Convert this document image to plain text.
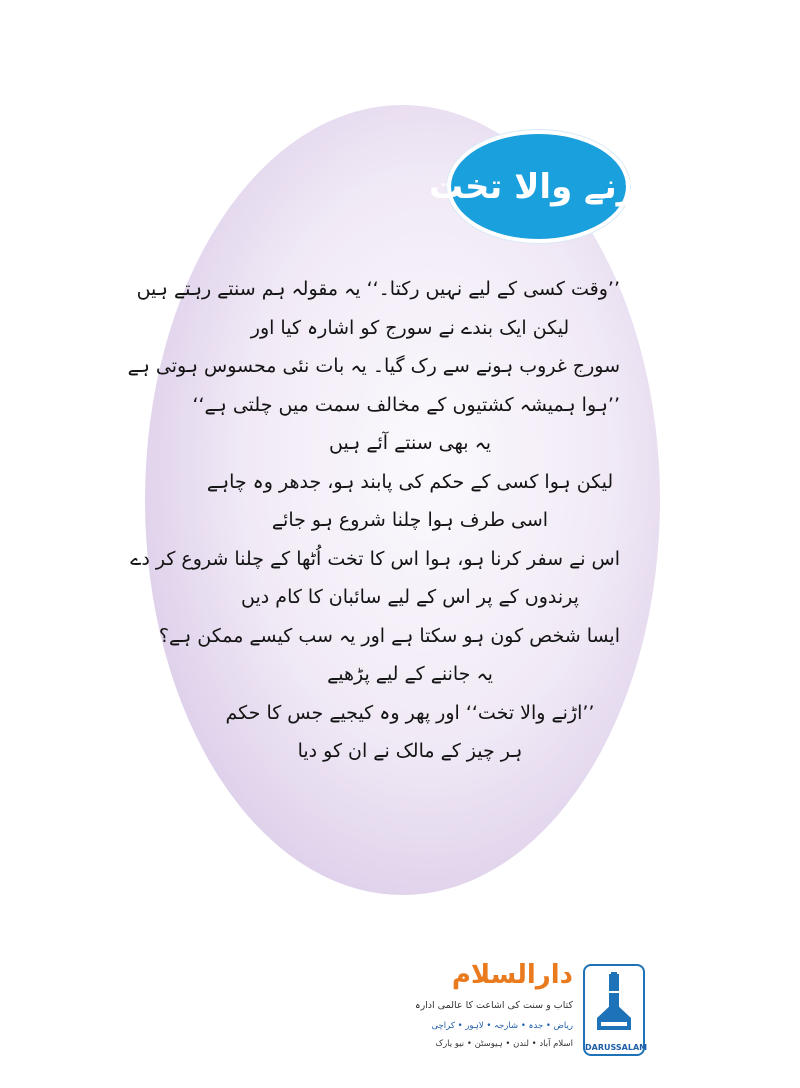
اُڑنے والا تخت
’’وقت کسی کے لیے نہیں رکتا۔‘‘ یہ مقولہ ہم سنتے رہتے ہیں
لیکن ایک بندے نے سورج کو اشارہ کیا اور
سورج غروب ہونے سے رک گیا۔ یہ بات نئی محسوس ہوتی ہے
’’ہوا ہمیشہ کشتیوں کے مخالف سمت میں چلتی ہے‘‘
یہ بھی سنتے آئے ہیں
لیکن ہوا کسی کے حکم کی پابند ہو، جدھر وہ چاہے
اسی طرف ہوا چلنا شروع ہو جائے
اس نے سفر کرنا ہو، ہوا اس کا تخت اُٹھا کے چلنا شروع کر دے
پرندوں کے پر اس کے لیے سائبان کا کام دیں
ایسا شخص کون ہو سکتا ہے اور یہ سب کیسے ممکن ہے؟
یہ جاننے کے لیے پڑھیے
’’اڑنے والا تخت‘‘ اور پھر وہ کیجیے جس کا حکم
ہر چیز کے مالک نے ان کو دیا
دارالسلام
کتاب و سنت کی اشاعت کا عالمی ادارہ
ریاض • جدہ • شارجہ • لاہور • کراچی
اسلام آباد • لندن • ہیوسٹن • نیو یارک DARUSSALAM
